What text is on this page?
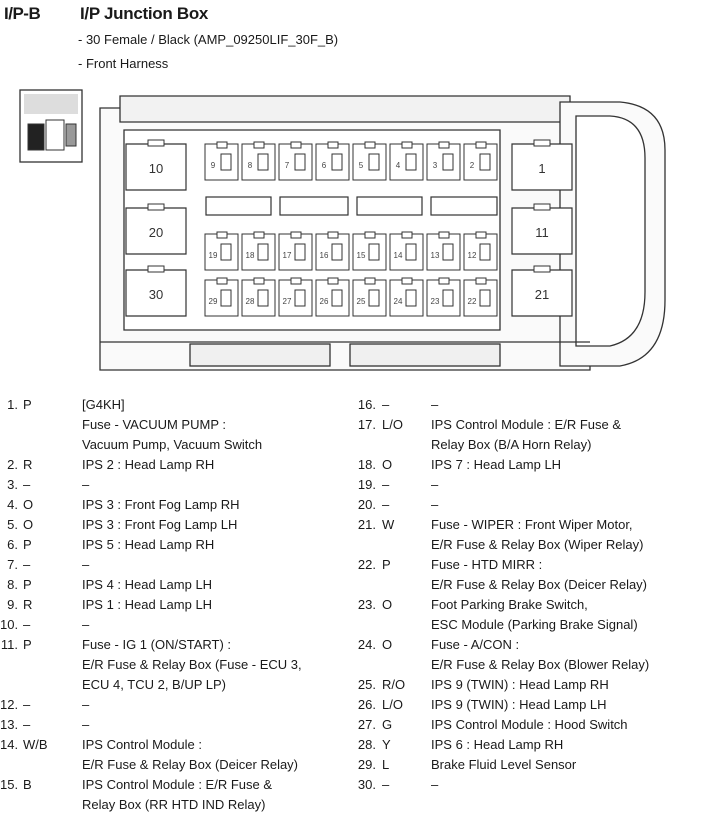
I/P-B I/P Junction Box
- 30 Female / Black (AMP_09250LIF_30F_B)
- Front Harness
10
20
30
1
11
21
9	8	7	6	5	4	3	2
19	18	17	16	15	14	13	12
29	28	27	26	25	24	23	22
1. P	[G4KH]
Fuse - VACUUM PUMP :
Vacuum Pump, Vacuum Switch
2. R	IPS 2 : Head Lamp RH
3. –	–
4. O	IPS 3 : Front Fog Lamp RH
5. O	IPS 3 : Front Fog Lamp LH
6. P	IPS 5 : Head Lamp RH
7. –	–
8. P	IPS 4 : Head Lamp LH
9. R	IPS 1 : Head Lamp LH
10. –	–
11. P	Fuse - IG 1 (ON/START) :
E/R Fuse & Relay Box (Fuse - ECU 3,
ECU 4, TCU 2, B/UP LP)
12. –	–
13. –	–
14. W/B	IPS Control Module :
E/R Fuse & Relay Box (Deicer Relay)
15. B	IPS Control Module : E/R Fuse &
Relay Box (RR HTD IND Relay)
16. –	–
17. L/O	IPS Control Module : E/R Fuse &
Relay Box (B/A Horn Relay)
18. O	IPS 7 : Head Lamp LH
19. –	–
20. –	–
21. W	Fuse - WIPER : Front Wiper Motor,
E/R Fuse & Relay Box (Wiper Relay)
22. P	Fuse - HTD MIRR :
E/R Fuse & Relay Box (Deicer Relay)
23. O	Foot Parking Brake Switch,
ESC Module (Parking Brake Signal)
24. O	Fuse - A/CON :
E/R Fuse & Relay Box (Blower Relay)
25. R/O	IPS 9 (TWIN) : Head Lamp RH
26. L/O	IPS 9 (TWIN) : Head Lamp LH
27. G	IPS Control Module : Hood Switch
28. Y	IPS 6 : Head Lamp RH
29. L	Brake Fluid Level Sensor
30. –	–
